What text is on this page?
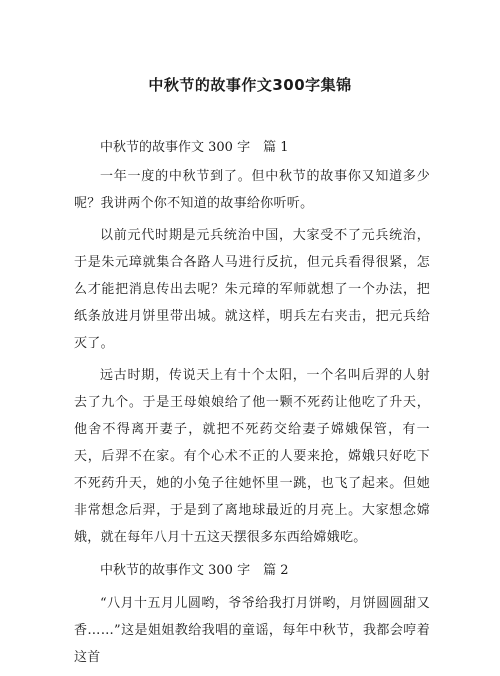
中秋节的故事作文300字集锦

中秋节的故事作文 300 字　篇 1

一年一度的中秋节到了。但中秋节的故事你又知道多少呢？我讲两个你不知道的故事给你听听。

以前元代时期是元兵统治中国，大家受不了元兵统治，于是朱元璋就集合各路人马进行反抗，但元兵看得很紧，怎么才能把消息传出去呢？朱元璋的军师就想了一个办法，把纸条放进月饼里带出城。就这样，明兵左右夹击，把元兵给灭了。

远古时期，传说天上有十个太阳，一个名叫后羿的人射去了九个。于是王母娘娘给了他一颗不死药让他吃了升天，他舍不得离开妻子，就把不死药交给妻子嫦娥保管，有一天，后羿不在家。有个心术不正的人要来抢，嫦娥只好吃下不死药升天，她的小兔子往她怀里一跳，也飞了起来。但她非常想念后羿，于是到了离地球最近的月亮上。大家想念嫦娥，就在每年八月十五这天摆很多东西给嫦娥吃。

中秋节的故事作文 300 字　篇 2

“八月十五月儿圆哟，爷爷给我打月饼哟，月饼圆圆甜又香……”这是姐姐教给我唱的童谣，每年中秋节，我都会哼着这首
